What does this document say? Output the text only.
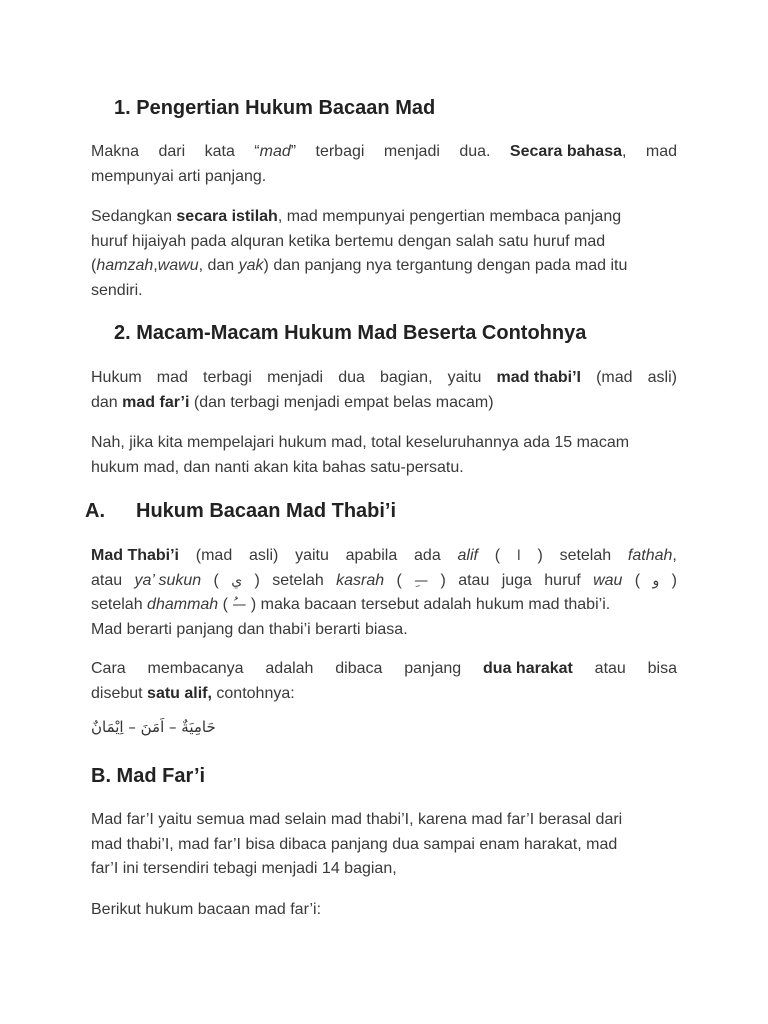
1. Pengertian Hukum Bacaan Mad
Makna dari kata “mad” terbagi menjadi dua. Secara bahasa, mad
mempunyai arti panjang.
Sedangkan secara istilah, mad mempunyai pengertian membaca panjang
huruf hijaiyah pada alquran ketika bertemu dengan salah satu huruf mad
(hamzah,wawu, dan yak) dan panjang nya tergantung dengan pada mad itu
sendiri.
2. Macam-Macam Hukum Mad Beserta Contohnya
Hukum mad terbagi menjadi dua bagian, yaitu mad thabi’I (mad asli)
dan mad far’i (dan terbagi menjadi empat belas macam)
Nah, jika kita mempelajari hukum mad, total keseluruhannya ada 15 macam
hukum mad, dan nanti akan kita bahas satu-persatu.
A. Hukum Bacaan Mad Thabi’i
Mad Thabi’i (mad asli) yaitu apabila ada alif ( ا ) setelah fathah,
atau ya’ sukun ( ي ) setelah kasrah ( —ِ ) atau juga huruf wau ( و )
setelah dhammah ( —ُ ) maka bacaan tersebut adalah hukum mad thabi’i.
Mad berarti panjang dan thabi’i berarti biasa.
Cara membacanya adalah dibaca panjang dua harakat atau bisa
disebut satu alif, contohnya:
حَامِيَةٌ – اَمَنَ – اِيْمَانٌ
B. Mad Far’i
Mad far’I yaitu semua mad selain mad thabi’I, karena mad far’I berasal dari
mad thabi’I, mad far’I bisa dibaca panjang dua sampai enam harakat, mad
far’I ini tersendiri tebagi menjadi 14 bagian,
Berikut hukum bacaan mad far’i:
